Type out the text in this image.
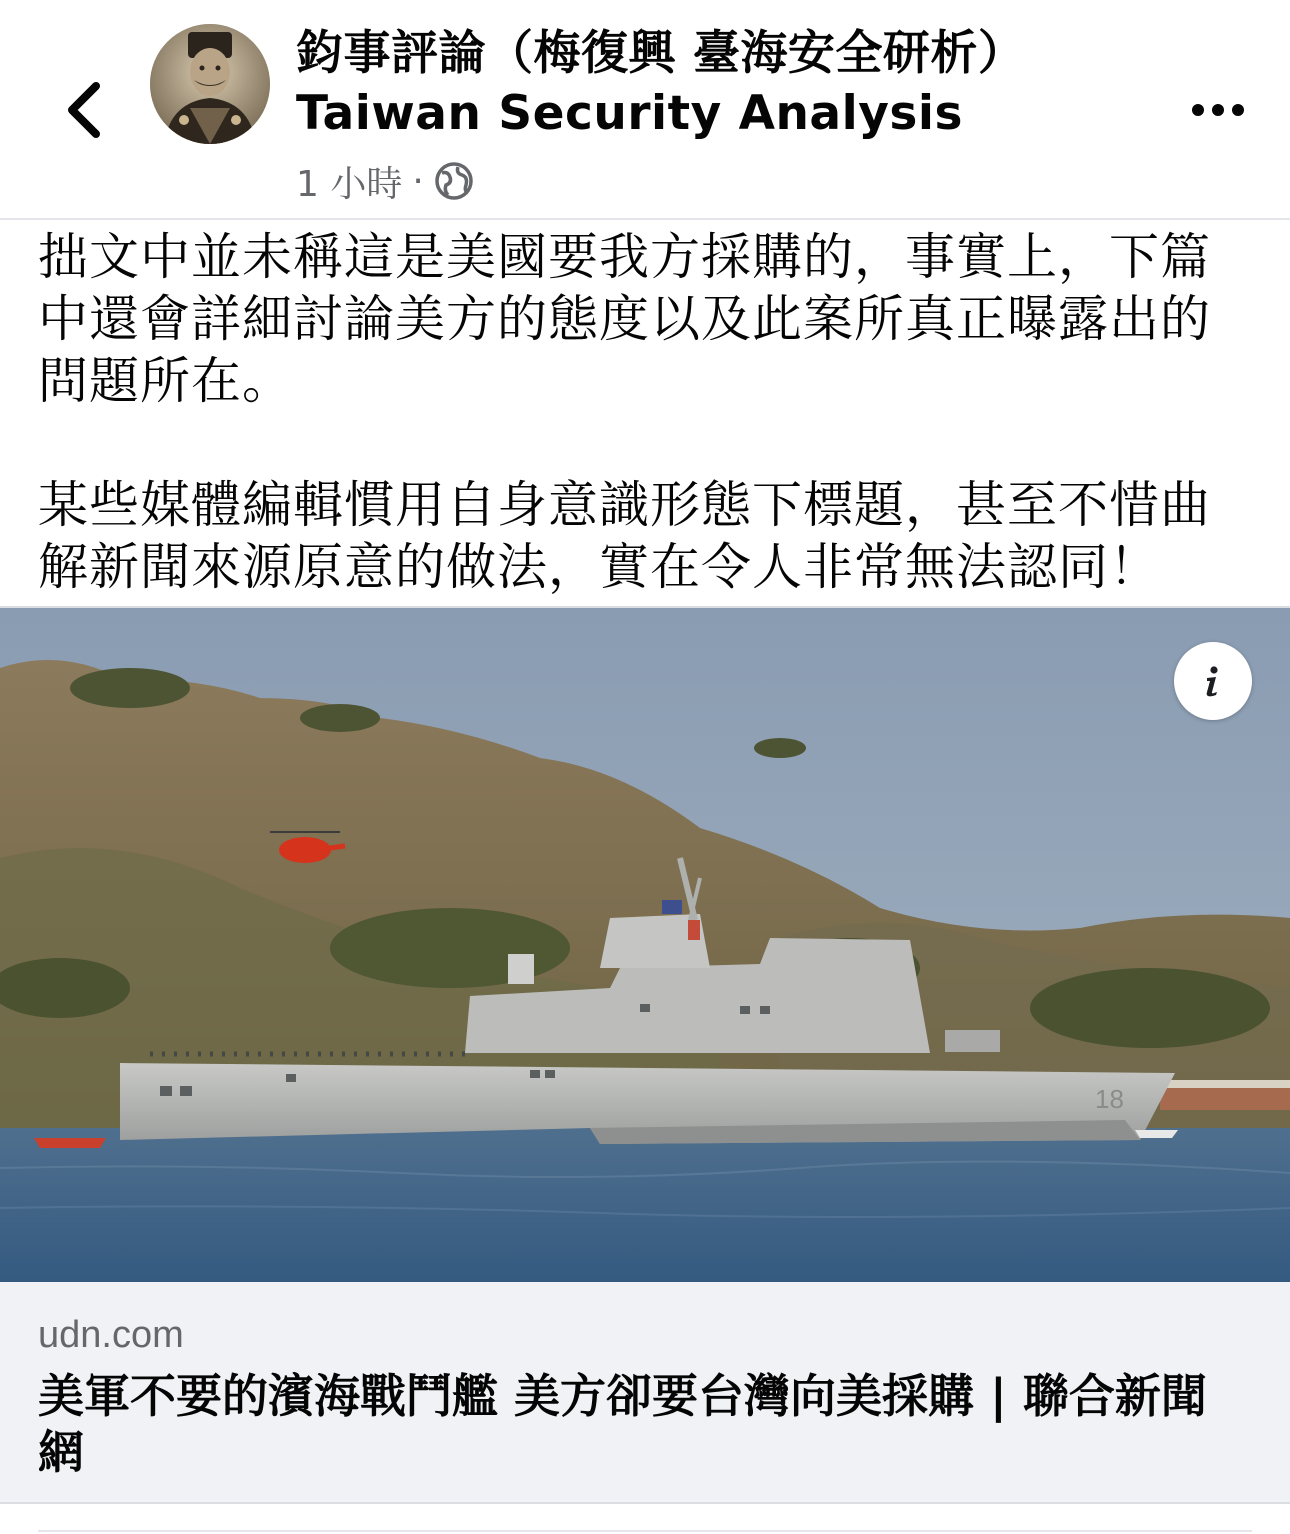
鈞事評論（梅復興 臺海安全研析）
Taiwan Security Analysis
1 小時 ·

拙文中並未稱這是美國要我方採購的，事實上，下篇中還會詳細討論美方的態度以及此案所真正曝露出的問題所在。

某些媒體編輯慣用自身意識形態下標題，甚至不惜曲解新聞來源原意的做法，實在令人非常無法認同！

18
udn.com
美軍不要的濱海戰鬥艦 美方卻要台灣向美採購 | 聯合新聞網
